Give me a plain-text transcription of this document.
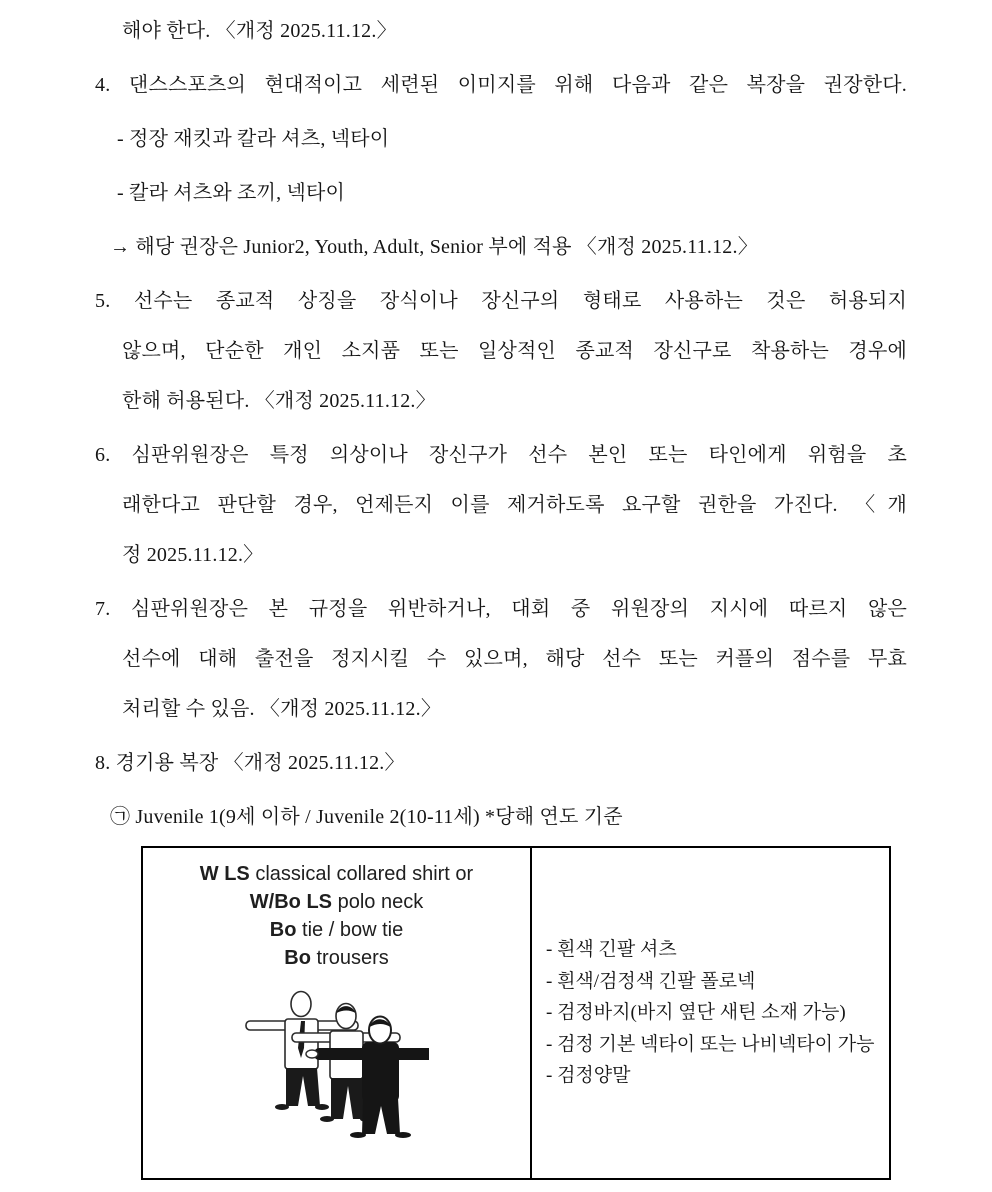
해야 한다. 〈개정 2025.11.12.〉
4. 댄스스포츠의 현대적이고 세련된 이미지를 위해 다음과 같은 복장을 권장한다.
- 정장 재킷과 칼라 셔츠, 넥타이
- 칼라 셔츠와 조끼, 넥타이
→ 해당 권장은 Junior2, Youth, Adult, Senior 부에 적용 〈개정 2025.11.12.〉
5. 선수는 종교적 상징을 장식이나 장신구의 형태로 사용하는 것은 허용되지
않으며, 단순한 개인 소지품 또는 일상적인 종교적 장신구로 착용하는 경우에
한해 허용된다. 〈개정 2025.11.12.〉
6. 심판위원장은 특정 의상이나 장신구가 선수 본인 또는 타인에게 위험을 초
래한다고 판단할 경우, 언제든지 이를 제거하도록 요구할 권한을 가진다. 〈개
정 2025.11.12.〉
7. 심판위원장은 본 규정을 위반하거나, 대회 중 위원장의 지시에 따르지 않은
선수에 대해 출전을 정지시킬 수 있으며, 해당 선수 또는 커플의 점수를 무효
처리할 수 있음. 〈개정 2025.11.12.〉
8. 경기용 복장 〈개정 2025.11.12.〉
㉠ Juvenile 1(9세 이하 / Juvenile 2(10-11세) *당해 연도 기준
W LS classical collared shirt or
W/Bo LS polo neck
Bo tie / bow tie
Bo trousers	- 흰색 긴팔 셔츠
- 흰색/검정색 긴팔 폴로넥
- 검정바지(바지 옆단 새틴 소재 가능)
- 검정 기본 넥타이 또는 나비넥타이 가능
- 검정양말
